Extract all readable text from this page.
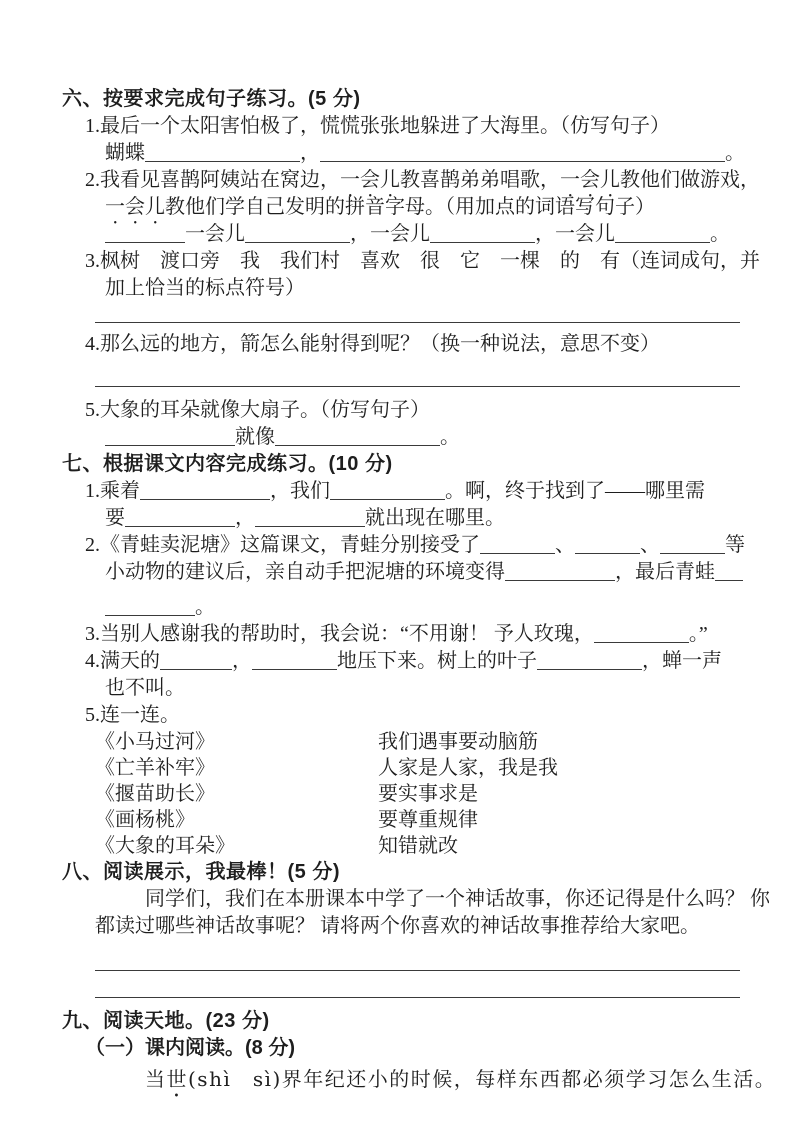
六、按要求完成句子练习。(5 分)
1.最后一个太阳害怕极了，慌慌张张地躲进了大海里。（仿写句子）
蝴蝶	，	。
2.我看见喜鹊阿姨站在窝边，一会儿教喜鹊弟弟唱歌，一会儿教他们做游戏，
一会儿教他们学自己发明的拼音字母。（用加点的词语写句子）
一会儿	，一会儿	，一会儿	。
3.枫树　渡口旁　我　我们村　喜欢　很　它　一棵　的　有（连词成句，并
加上恰当的标点符号）
4.那么远的地方，箭怎么能射得到呢？（换一种说法，意思不变）
5.大象的耳朵就像大扇子。（仿写句子）
就像	。
七、根据课文内容完成练习。(10 分)
1.乘着	，我们	。啊，终于找到了——哪里需
要	，	就出现在哪里。
2.《青蛙卖泥塘》这篇课文，青蛙分别接受了	、	、	等
小动物的建议后，亲自动手把泥塘的环境变得	，最后青蛙
。
3.当别人感谢我的帮助时，我会说：“不用谢！ 予人玫瑰，	。”
4.满天的	，	地压下来。树上的叶子	，蝉一声
也不叫。
5.连一连。
《小马过河》	我们遇事要动脑筋
《亡羊补牢》	人家是人家，我是我
《揠苗助长》	要实事求是
《画杨桃》	要尊重规律
《大象的耳朵》	知错就改
八、阅读展示，我最棒！(5 分)
同学们，我们在本册课本中学了一个神话故事，你还记得是什么吗？ 你
都读过哪些神话故事呢？ 请将两个你喜欢的神话故事推荐给大家吧。
九、阅读天地。(23 分)
（一）课内阅读。(8 分)
当世(shì　sì)界年纪还小的时候，每样东西都必须学习怎么生活。
